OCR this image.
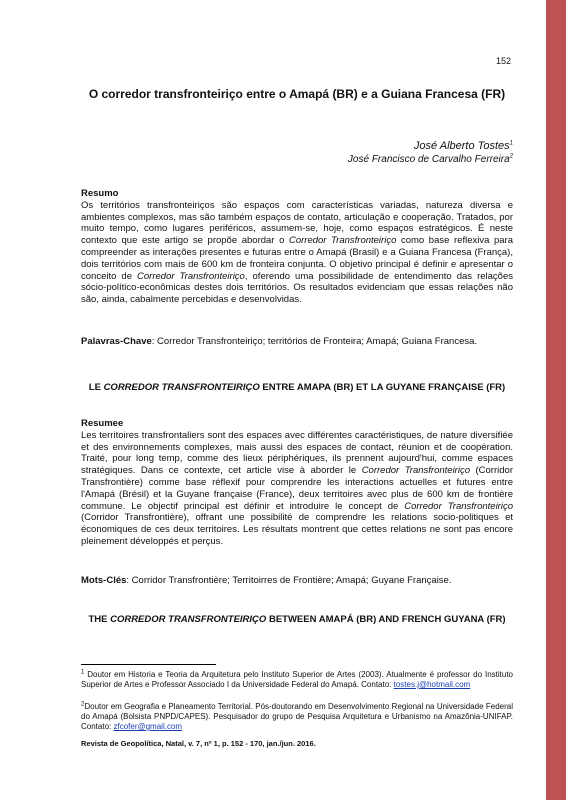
152
O corredor transfronteiriço entre o Amapá (BR) e a Guiana Francesa (FR)
José Alberto Tostes$^1$
José Francisco de Carvalho Ferreira$^2$
Resumo
Os territórios transfronteiriços são espaços com características variadas, natureza diversa e ambientes complexos, mas são também espaços de contato, articulação e cooperação. Tratados, por muito tempo, como lugares periféricos, assumem-se, hoje, como espaços estratégicos. É neste contexto que este artigo se propõe abordar o Corredor Transfronteiriço como base reflexiva para compreender as interações presentes e futuras entre o Amapá (Brasil) e a Guiana Francesa (França), dois territórios com mais de 600 km de fronteira conjunta. O objetivo principal é definir e apresentar o conceito de Corredor Transfronteiriço, oferendo uma possibilidade de entendimento das relações sócio-político-econômicas destes dois territórios. Os resultados evidenciam que essas relações não são, ainda, cabalmente percebidas e desenvolvidas.
Palavras-Chave: Corredor Transfronteiriço; territórios de Fronteira; Amapá; Guiana Francesa.
LE CORREDOR TRANSFRONTEIRIÇO ENTRE AMAPA (BR) ET LA GUYANE FRANÇAISE (FR)
Resumee
Les territoires transfrontaliers sont des espaces avec différentes caractéristiques, de nature diversifiée et des environnements complexes, mais aussi des espaces de contact, réunion et de coopération. Traité, pour long temp, comme des lieux périphériques, ils prennent aujourd'hui, comme espaces stratégiques. Dans ce contexte, cet article vise à aborder le Corredor Transfronteiriço (Corridor Transfrontière) comme base réflexif pour comprendre les interactions actuelles et futures entre l'Amapá (Brésil) et la Guyane française (France), deux territoires avec plus de 600 km de frontière commune. Le objectif principal est définir et introduire le concept de Corredor Transfronteiriço (Corridor Transfrontière), offrant une possibilité de comprendre les relations socio-politiques et économiques de ces deux territoires. Les résultats montrent que cettes relations ne sont pas encore pleinement développés et perçus.
Mots-Clés: Corridor Transfrontière; Territoirres de Frontière; Amapá; Guyane Française.
THE CORREDOR TRANSFRONTEIRIÇO BETWEEN AMAPÁ (BR) AND FRENCH GUYANA (FR)
$^1$ Doutor em Historia e Teoria da Arquitetura pelo Instituto Superior de Artes (2003). Atualmente é professor do Instituto Superior de Artes e Professor Associado I da Universidade Federal do Amapá. Contato: tostes.j@hotmail.com
$^2$Doutor em Geografia e Planeamento Territorial. Pós-doutorando em Desenvolvimento Regional na Universidade Federal do Amapá (Bolsista PNPD/CAPES). Pesquisador do grupo de Pesquisa Arquitetura e Urbanismo na Amazônia-UNIFAP. Contato: zfcofer@gmail.com
Revista de Geopolítica, Natal, v. 7, nº 1, p. 152 - 170, jan./jun. 2016.
